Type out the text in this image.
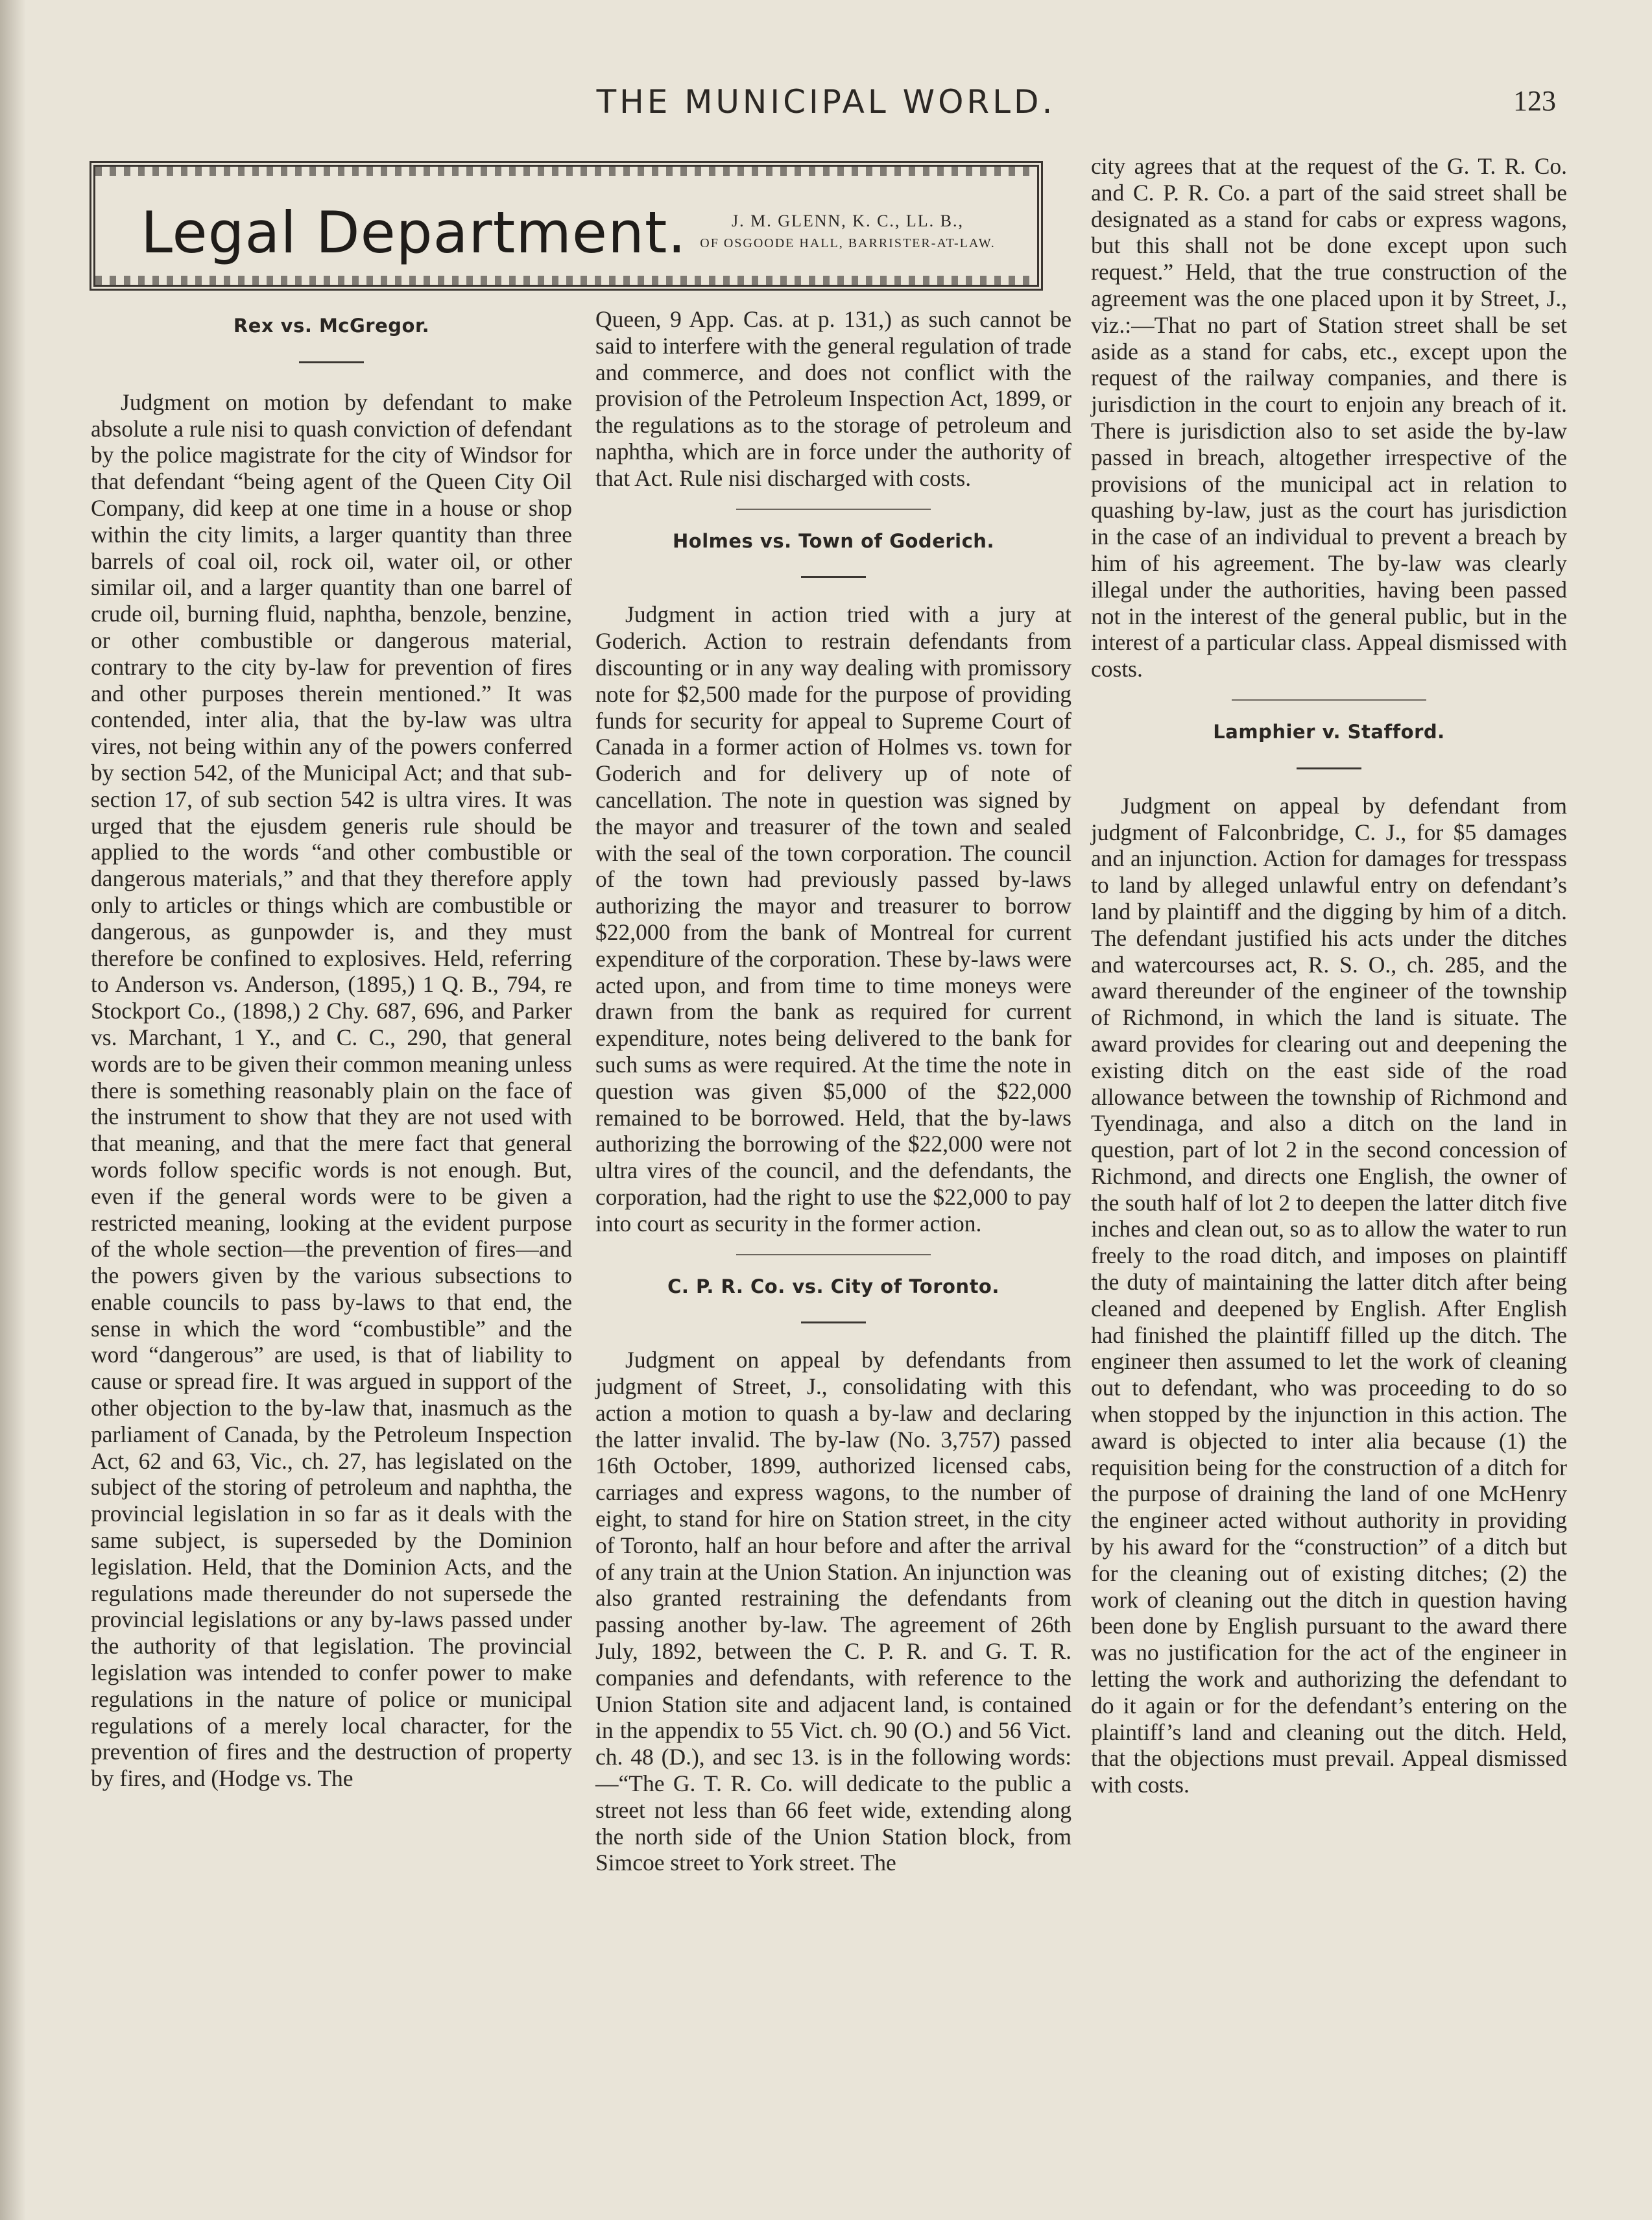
THE MUNICIPAL WORLD.	123
Legal Department.	J. M. GLENN, K. C., LL. B.,
OF OSGOODE HALL, BARRISTER-AT-LAW.
Rex vs. McGregor.

Judgment on motion by defendant to make absolute a rule nisi to quash conviction of defendant by the police magistrate for the city of Windsor for that defendant “being agent of the Queen City Oil Company, did keep at one time in a house or shop within the city limits, a larger quantity than three barrels of coal oil, rock oil, water oil, or other similar oil, and a larger quantity than one barrel of crude oil, burning fluid, naphtha, benzole, benzine, or other combustible or dangerous material, contrary to the city by-law for prevention of fires and other purposes therein mentioned.” It was contended, inter alia, that the by-law was ultra vires, not being within any of the powers conferred by section 542, of the Municipal Act; and that sub-section 17, of sub section 542 is ultra vires. It was urged that the ejusdem generis rule should be applied to the words “and other combustible or dangerous materials,” and that they therefore apply only to articles or things which are combustible or dangerous, as gunpowder is, and they must therefore be confined to explosives. Held, referring to Anderson vs. Anderson, (1895,) 1 Q. B., 794, re Stockport Co., (1898,) 2 Chy. 687, 696, and Parker vs. Marchant, 1 Y., and C. C., 290, that general words are to be given their common meaning unless there is something reasonably plain on the face of the instrument to show that they are not used with that meaning, and that the mere fact that general words follow specific words is not enough. But, even if the general words were to be given a restricted meaning, looking at the evident purpose of the whole section—the prevention of fires—and the powers given by the various subsections to enable councils to pass by-laws to that end, the sense in which the word “combustible” and the word “dangerous” are used, is that of liability to cause or spread fire. It was argued in support of the other objection to the by-law that, inasmuch as the parliament of Canada, by the Petroleum Inspection Act, 62 and 63, Vic., ch. 27, has legislated on the subject of the storing of petroleum and naphtha, the provincial legislation in so far as it deals with the same subject, is superseded by the Dominion legislation. Held, that the Dominion Acts, and the regulations made thereunder do not supersede the provincial legislations or any by-laws passed under the authority of that legislation. The provincial legislation was intended to confer power to make regulations in the nature of police or municipal regulations of a merely local character, for the prevention of fires and the destruction of property by fires, and (Hodge vs. The

Queen, 9 App. Cas. at p. 131,) as such cannot be said to interfere with the general regulation of trade and commerce, and does not conflict with the provision of the Petroleum Inspection Act, 1899, or the regulations as to the storage of petroleum and naphtha, which are in force under the authority of that Act. Rule nisi discharged with costs.

Holmes vs. Town of Goderich.

Judgment in action tried with a jury at Goderich. Action to restrain defendants from discounting or in any way dealing with promissory note for $2,500 made for the purpose of providing funds for security for appeal to Supreme Court of Canada in a former action of Holmes vs. town for Goderich and for delivery up of note of cancellation. The note in question was signed by the mayor and treasurer of the town and sealed with the seal of the town corporation. The council of the town had previously passed by-laws authorizing the mayor and treasurer to borrow $22,000 from the bank of Montreal for current expenditure of the corporation. These by-laws were acted upon, and from time to time moneys were drawn from the bank as required for current expenditure, notes being delivered to the bank for such sums as were required. At the time the note in question was given $5,000 of the $22,000 remained to be borrowed. Held, that the by-laws authorizing the borrowing of the $22,000 were not ultra vires of the council, and the defendants, the corporation, had the right to use the $22,000 to pay into court as security in the former action.

C. P. R. Co. vs. City of Toronto.

Judgment on appeal by defendants from judgment of Street, J., consolidating with this action a motion to quash a by-law and declaring the latter invalid. The by-law (No. 3,757) passed 16th October, 1899, authorized licensed cabs, carriages and express wagons, to the number of eight, to stand for hire on Station street, in the city of Toronto, half an hour before and after the arrival of any train at the Union Station. An injunction was also granted restraining the defendants from passing another by-law. The agreement of 26th July, 1892, between the C. P. R. and G. T. R. companies and defendants, with reference to the Union Station site and adjacent land, is contained in the appendix to 55 Vict. ch. 90 (O.) and 56 Vict. ch. 48 (D.), and sec 13. is in the following words: —“The G. T. R. Co. will dedicate to the public a street not less than 66 feet wide, extending along the north side of the Union Station block, from Simcoe street to York street. The

city agrees that at the request of the G. T. R. Co. and C. P. R. Co. a part of the said street shall be designated as a stand for cabs or express wagons, but this shall not be done except upon such request.” Held, that the true construction of the agreement was the one placed upon it by Street, J., viz.:—That no part of Station street shall be set aside as a stand for cabs, etc., except upon the request of the railway companies, and there is jurisdiction in the court to enjoin any breach of it. There is jurisdiction also to set aside the by-law passed in breach, altogether irrespective of the provisions of the municipal act in relation to quashing by-law, just as the court has jurisdiction in the case of an individual to prevent a breach by him of his agreement. The by-law was clearly illegal under the authorities, having been passed not in the interest of the general public, but in the interest of a particular class. Appeal dismissed with costs.

Lamphier v. Stafford.

Judgment on appeal by defendant from judgment of Falconbridge, C. J., for $5 damages and an injunction. Action for damages for tresspass to land by alleged unlawful entry on defendant’s land by plaintiff and the digging by him of a ditch. The defendant justified his acts under the ditches and watercourses act, R. S. O., ch. 285, and the award thereunder of the engineer of the township of Richmond, in which the land is situate. The award provides for clearing out and deepening the existing ditch on the east side of the road allowance between the township of Richmond and Tyendinaga, and also a ditch on the land in question, part of lot 2 in the second concession of Richmond, and directs one English, the owner of the south half of lot 2 to deepen the latter ditch five inches and clean out, so as to allow the water to run freely to the road ditch, and imposes on plaintiff the duty of maintaining the latter ditch after being cleaned and deepened by English. After English had finished the plaintiff filled up the ditch. The engineer then assumed to let the work of cleaning out to defendant, who was proceeding to do so when stopped by the injunction in this action. The award is objected to inter alia because (1) the requisition being for the construction of a ditch for the purpose of draining the land of one McHenry the engineer acted without authority in providing by his award for the “construction” of a ditch but for the cleaning out of existing ditches; (2) the work of cleaning out the ditch in question having been done by English pursuant to the award there was no justification for the act of the engineer in letting the work and authorizing the defendant to do it again or for the defendant’s entering on the plaintiff’s land and cleaning out the ditch. Held, that the objections must prevail. Appeal dismissed with costs.
